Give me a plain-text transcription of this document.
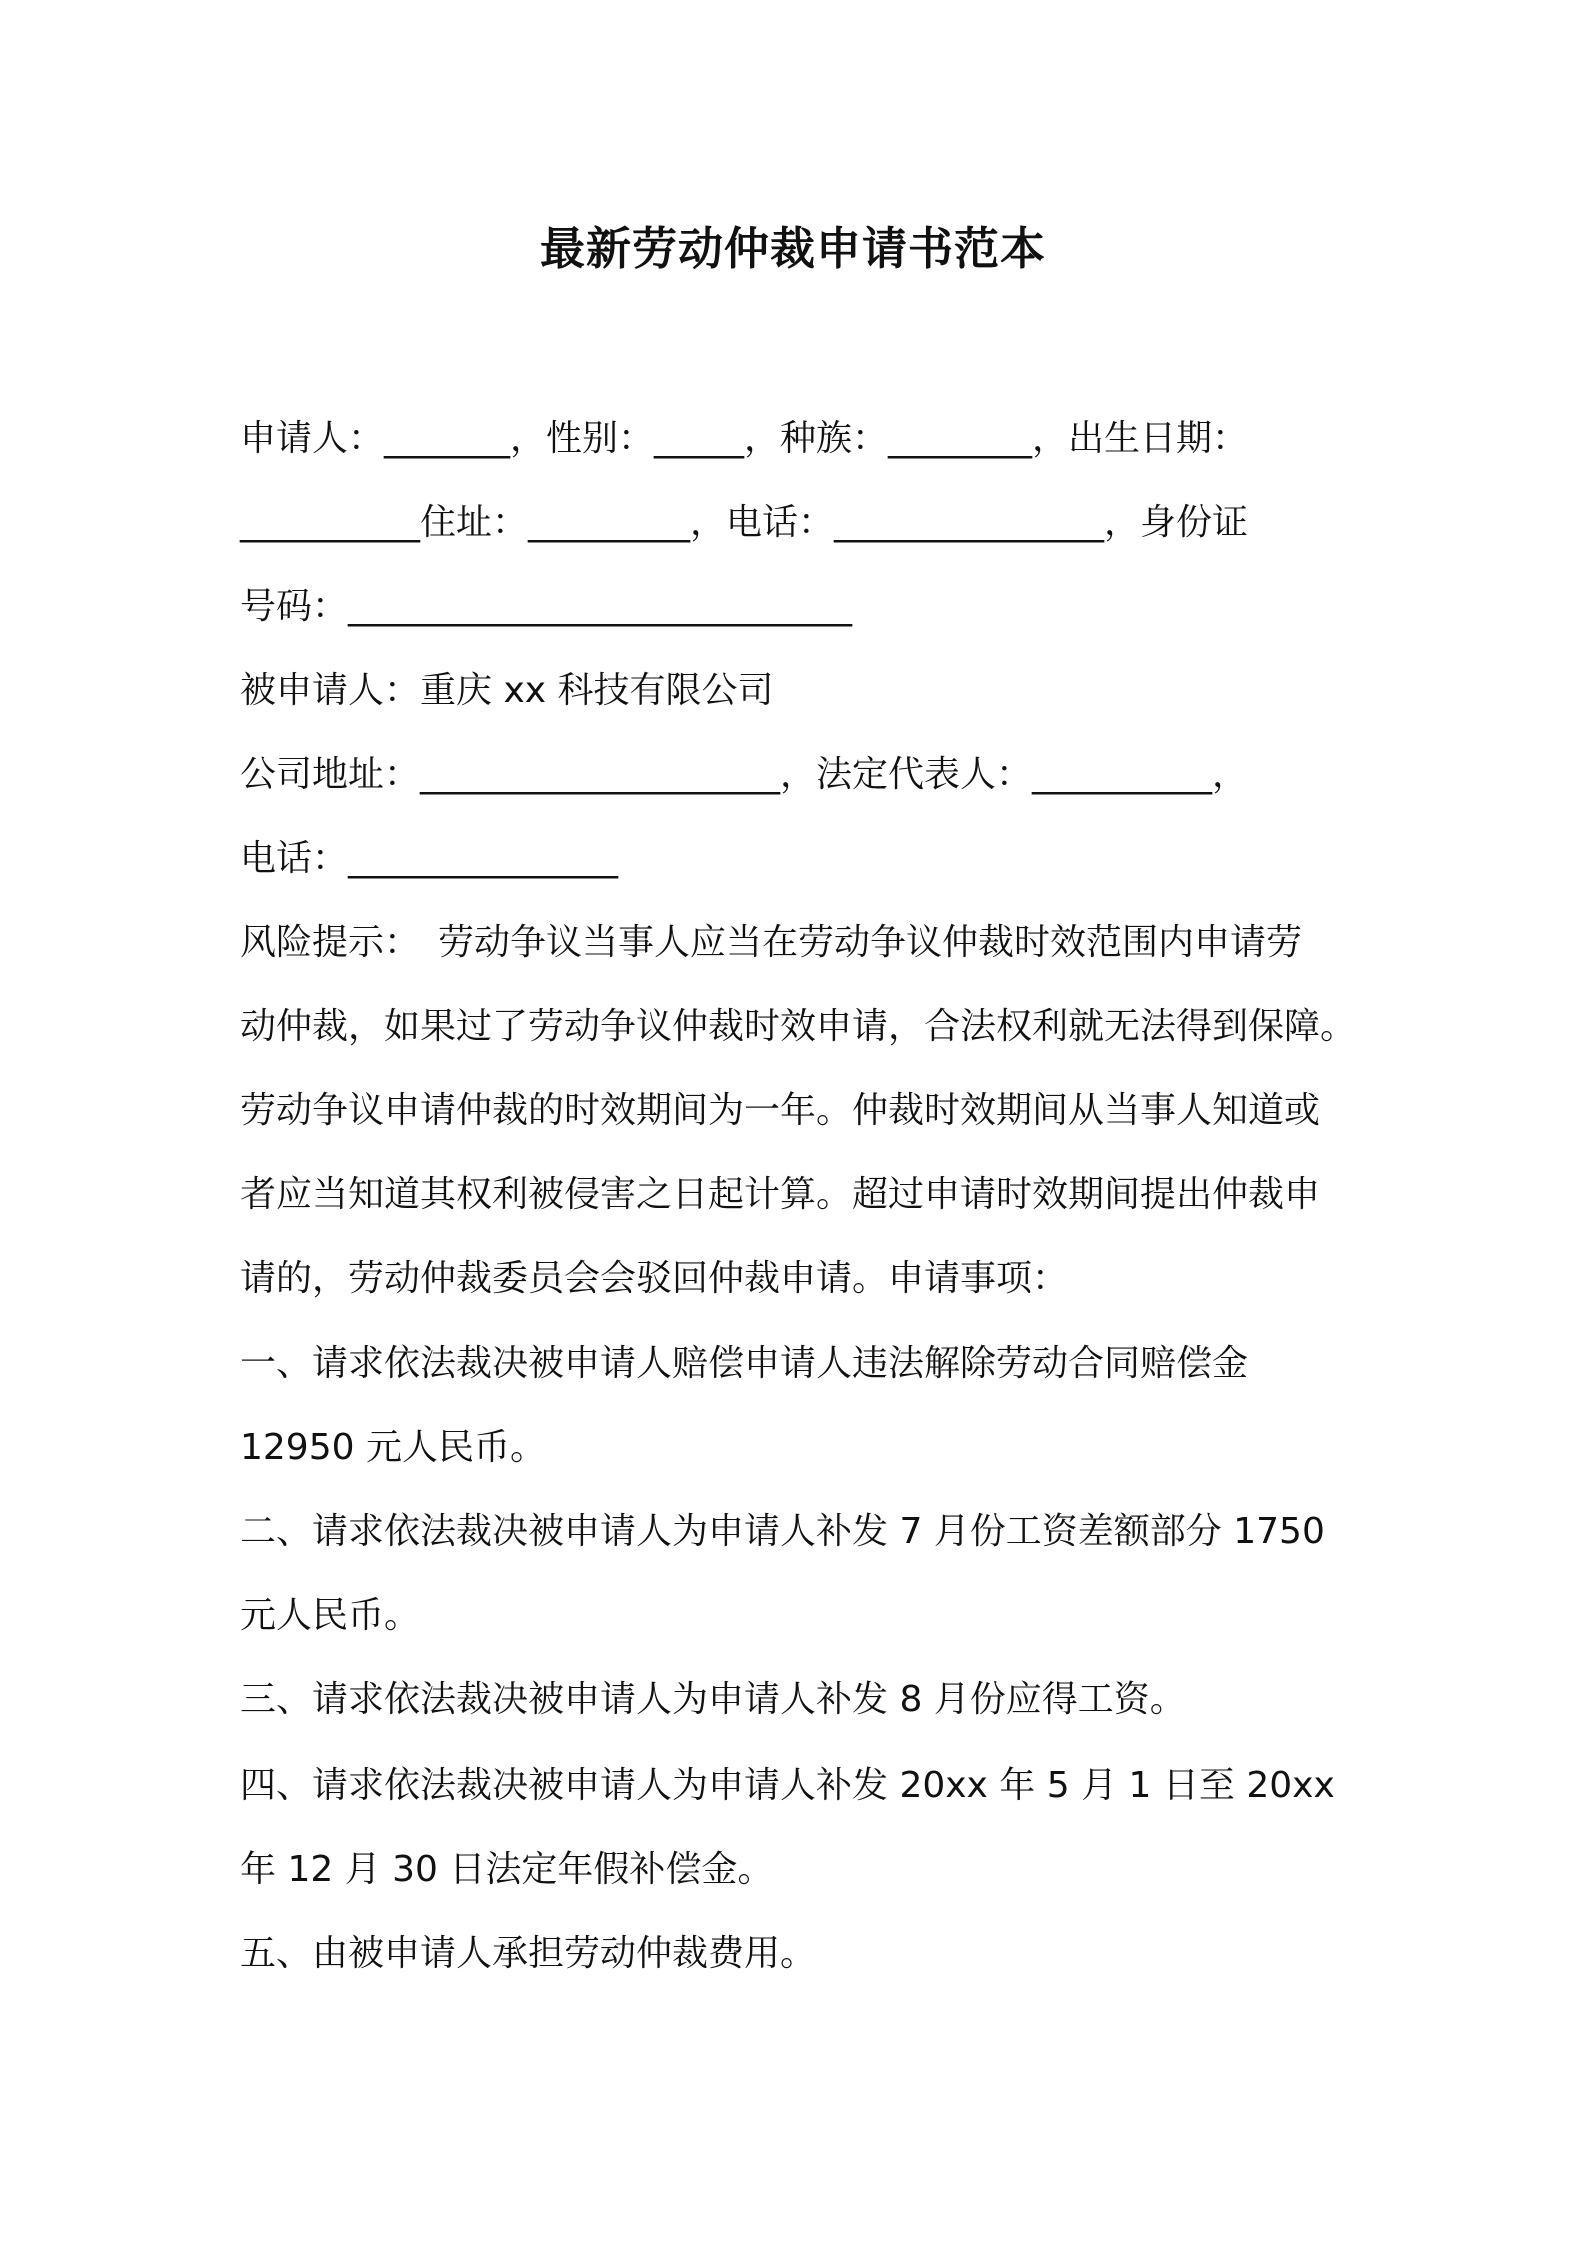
最新劳动仲裁申请书范本
申请人：_______，性别：_____，种族：________，出生日期：
__________住址：_________，电话：_______________，身份证
号码：____________________________
被申请人：重庆 xx 科技有限公司
公司地址：____________________，法定代表人：__________，
电话：_______________
风险提示：　劳动争议当事人应当在劳动争议仲裁时效范围内申请劳
动仲裁，如果过了劳动争议仲裁时效申请，合法权利就无法得到保障。
劳动争议申请仲裁的时效期间为一年。仲裁时效期间从当事人知道或
者应当知道其权利被侵害之日起计算。超过申请时效期间提出仲裁申
请的，劳动仲裁委员会会驳回仲裁申请。申请事项：
一、请求依法裁决被申请人赔偿申请人违法解除劳动合同赔偿金
12950 元人民币。
二、请求依法裁决被申请人为申请人补发 7 月份工资差额部分 1750
元人民币。
三、请求依法裁决被申请人为申请人补发 8 月份应得工资。
四、请求依法裁决被申请人为申请人补发 20xx 年 5 月 1 日至 20xx
年 12 月 30 日法定年假补偿金。
五、由被申请人承担劳动仲裁费用。
